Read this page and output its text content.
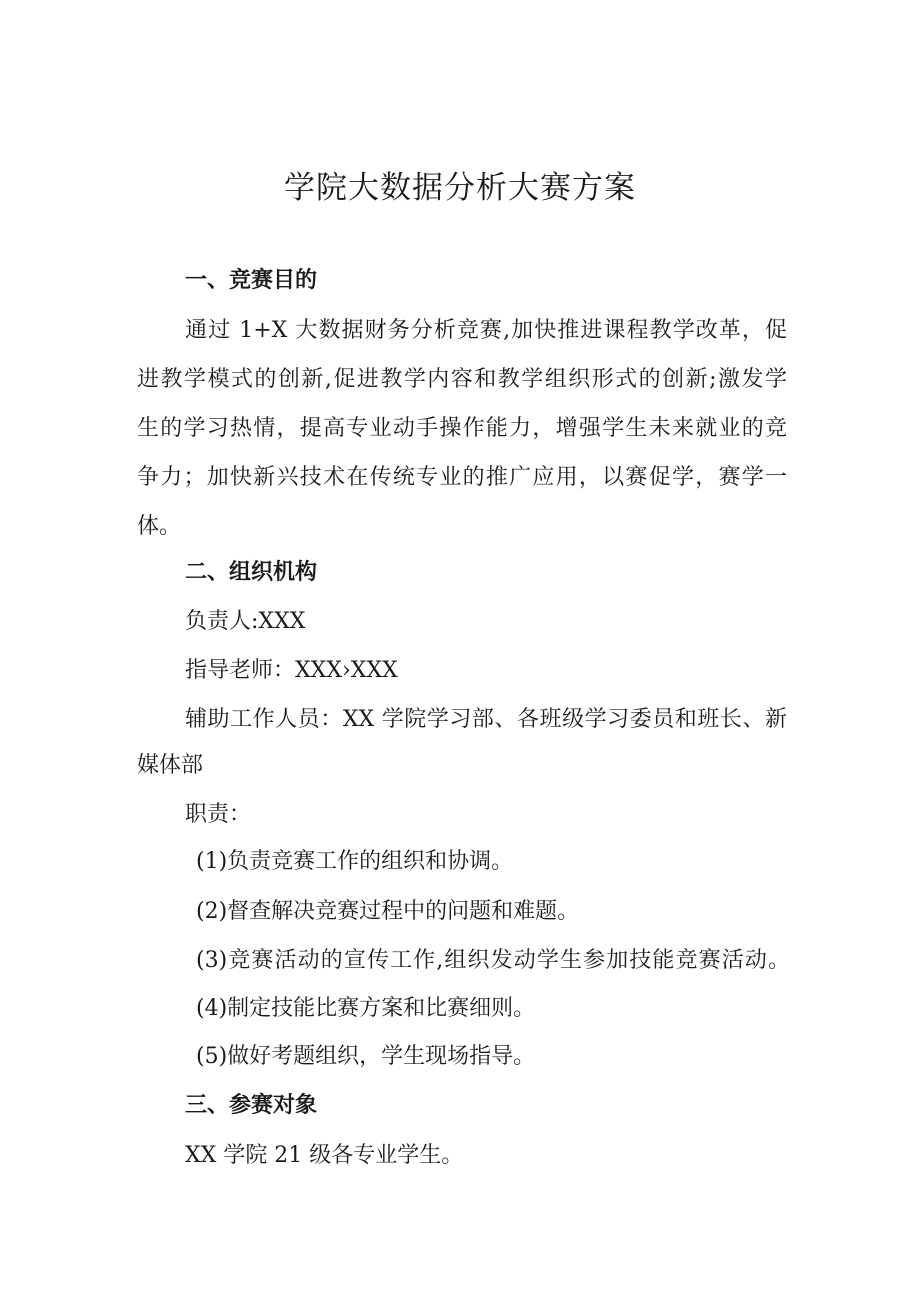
学院大数据分析大赛方案

一、竞赛目的

通过 1+X 大数据财务分析竞赛,加快推进课程教学改革，促

进教学模式的创新,促进教学内容和教学组织形式的创新;激发学

生的学习热情，提高专业动手操作能力，增强学生未来就业的竞

争力；加快新兴技术在传统专业的推广应用，以赛促学，赛学一

体。

二、组织机构

负责人:XXX

指导老师：XXX›XXX

辅助工作人员：XX 学院学习部、各班级学习委员和班长、新

媒体部

职责：

(1)负责竞赛工作的组织和协调。

(2)督查解决竞赛过程中的问题和难题。

(3)竞赛活动的宣传工作,组织发动学生参加技能竞赛活动。

(4)制定技能比赛方案和比赛细则。

(5)做好考题组织，学生现场指导。

三、参赛对象

XX 学院 21 级各专业学生。
